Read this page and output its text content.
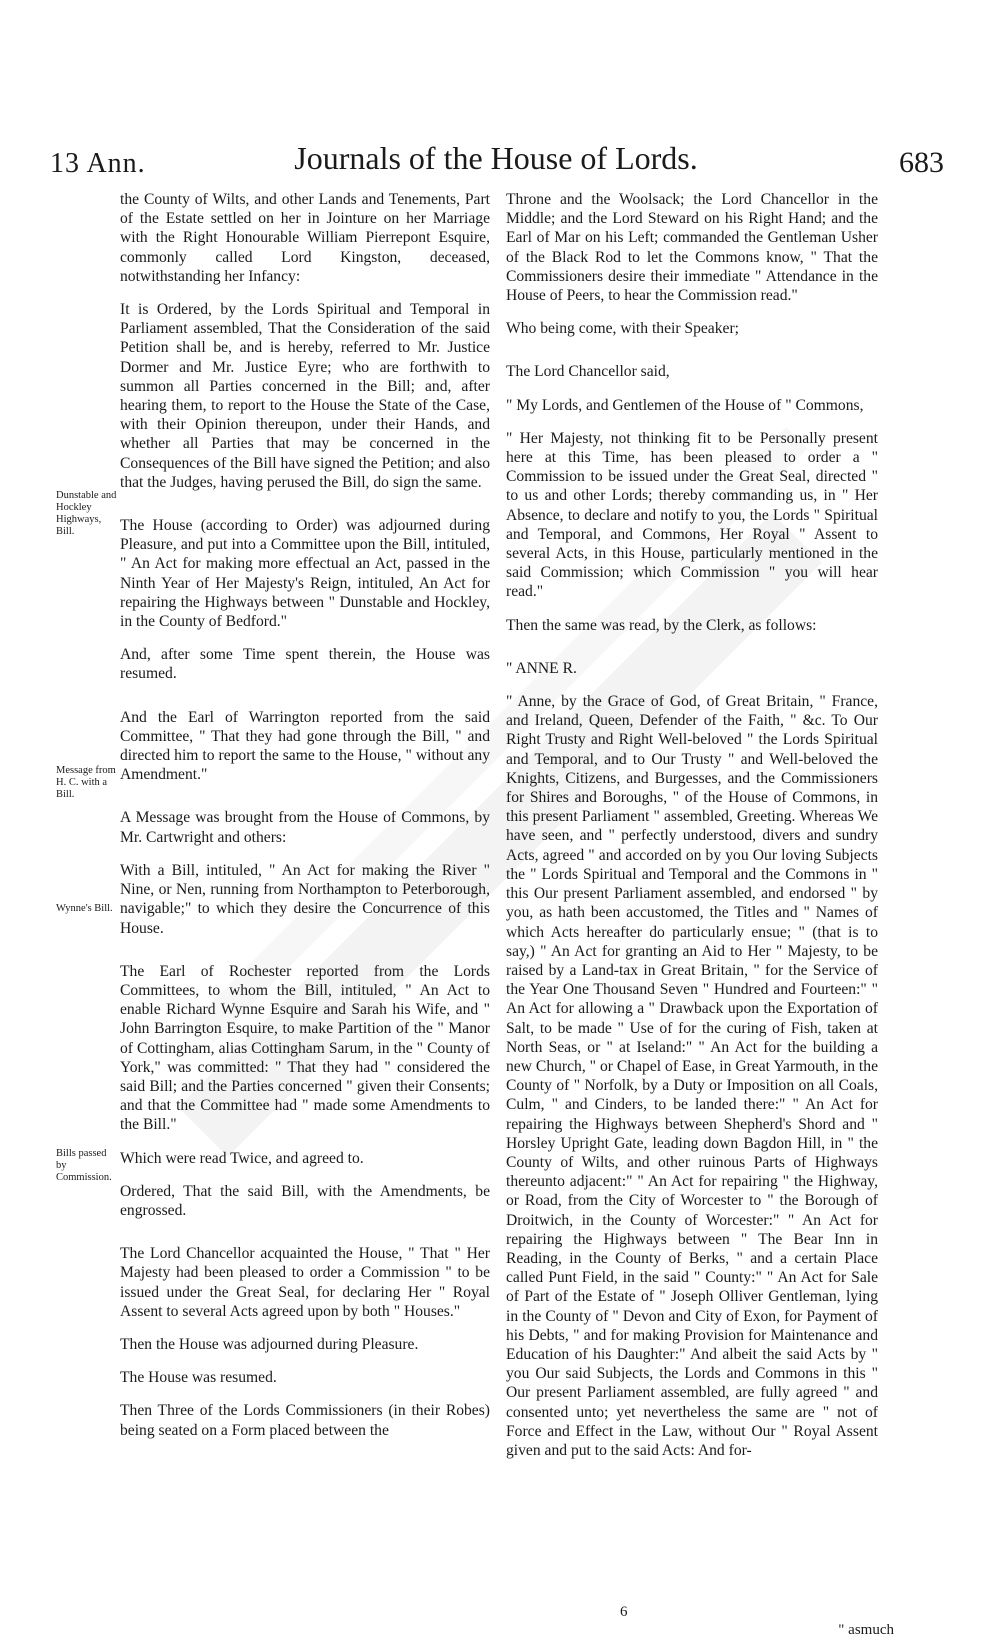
13 Ann.	Journals of the House of Lords.	683
Dunstable and Hockley Highways, Bill.
Message from H. C. with a Bill.
Wynne's Bill.
Bills passed by Commission.

the County of Wilts, and other Lands and Tenements, Part of the Estate settled on her in Jointure on her Marriage with the Right Honourable William Pierrepont Esquire, commonly called Lord Kingston, deceased, notwithstanding her Infancy:

It is Ordered, by the Lords Spiritual and Temporal in Parliament assembled, That the Consideration of the said Petition shall be, and is hereby, referred to Mr. Justice Dormer and Mr. Justice Eyre; who are forthwith to summon all Parties concerned in the Bill; and, after hearing them, to report to the House the State of the Case, with their Opinion thereupon, under their Hands, and whether all Parties that may be concerned in the Consequences of the Bill have signed the Petition; and also that the Judges, having perused the Bill, do sign the same.

The House (according to Order) was adjourned during Pleasure, and put into a Committee upon the Bill, intituled, " An Act for making more effectual an Act, passed in the Ninth Year of Her Majesty's Reign, intituled, An Act for repairing the Highways between " Dunstable and Hockley, in the County of Bedford."

And, after some Time spent therein, the House was resumed.

And the Earl of Warrington reported from the said Committee, " That they had gone through the Bill, " and directed him to report the same to the House, " without any Amendment."

A Message was brought from the House of Commons, by Mr. Cartwright and others:

With a Bill, intituled, " An Act for making the River " Nine, or Nen, running from Northampton to Peterborough, navigable;" to which they desire the Concurrence of this House.

The Earl of Rochester reported from the Lords Committees, to whom the Bill, intituled, " An Act to enable Richard Wynne Esquire and Sarah his Wife, and " John Barrington Esquire, to make Partition of the " Manor of Cottingham, alias Cottingham Sarum, in the " County of York," was committed: " That they had " considered the said Bill; and the Parties concerned " given their Consents; and that the Committee had " made some Amendments to the Bill."

Which were read Twice, and agreed to.

Ordered, That the said Bill, with the Amendments, be engrossed.

The Lord Chancellor acquainted the House, " That " Her Majesty had been pleased to order a Commission " to be issued under the Great Seal, for declaring Her " Royal Assent to several Acts agreed upon by both " Houses."

Then the House was adjourned during Pleasure.

The House was resumed.

Then Three of the Lords Commissioners (in their Robes) being seated on a Form placed between the

Throne and the Woolsack; the Lord Chancellor in the Middle; and the Lord Steward on his Right Hand; and the Earl of Mar on his Left; commanded the Gentleman Usher of the Black Rod to let the Commons know, " That the Commissioners desire their immediate " Attendance in the House of Peers, to hear the Commission read."

Who being come, with their Speaker;

The Lord Chancellor said,

" My Lords, and Gentlemen of the House of " Commons,

" Her Majesty, not thinking fit to be Personally present here at this Time, has been pleased to order a " Commission to be issued under the Great Seal, directed " to us and other Lords; thereby commanding us, in " Her Absence, to declare and notify to you, the Lords " Spiritual and Temporal, and Commons, Her Royal " Assent to several Acts, in this House, particularly mentioned in the said Commission; which Commission " you will hear read."

Then the same was read, by the Clerk, as follows:

" ANNE R.

" Anne, by the Grace of God, of Great Britain, " France, and Ireland, Queen, Defender of the Faith, " &c. To Our Right Trusty and Right Well-beloved " the Lords Spiritual and Temporal, and to Our Trusty " and Well-beloved the Knights, Citizens, and Burgesses, and the Commissioners for Shires and Boroughs, " of the House of Commons, in this present Parliament " assembled, Greeting. Whereas We have seen, and " perfectly understood, divers and sundry Acts, agreed " and accorded on by you Our loving Subjects the " Lords Spiritual and Temporal and the Commons in " this Our present Parliament assembled, and endorsed " by you, as hath been accustomed, the Titles and " Names of which Acts hereafter do particularly ensue; " (that is to say,) " An Act for granting an Aid to Her " Majesty, to be raised by a Land-tax in Great Britain, " for the Service of the Year One Thousand Seven " Hundred and Fourteen:" " An Act for allowing a " Drawback upon the Exportation of Salt, to be made " Use of for the curing of Fish, taken at North Seas, or " at Iseland:" " An Act for the building a new Church, " or Chapel of Ease, in Great Yarmouth, in the County of " Norfolk, by a Duty or Imposition on all Coals, Culm, " and Cinders, to be landed there:" " An Act for repairing the Highways between Shepherd's Shord and " Horsley Upright Gate, leading down Bagdon Hill, in " the County of Wilts, and other ruinous Parts of Highways thereunto adjacent:" " An Act for repairing " the Highway, or Road, from the City of Worcester to " the Borough of Droitwich, in the County of Worcester:" " An Act for repairing the Highways between " The Bear Inn in Reading, in the County of Berks, " and a certain Place called Punt Field, in the said " County:" " An Act for Sale of Part of the Estate of " Joseph Olliver Gentleman, lying in the County of " Devon and City of Exon, for Payment of his Debts, " and for making Provision for Maintenance and Education of his Daughter:" And albeit the said Acts by " you Our said Subjects, the Lords and Commons in this " Our present Parliament assembled, are fully agreed " and consented unto; yet nevertheless the same are " not of Force and Effect in the Law, without Our " Royal Assent given and put to the said Acts: And for-

6
" asmuch
